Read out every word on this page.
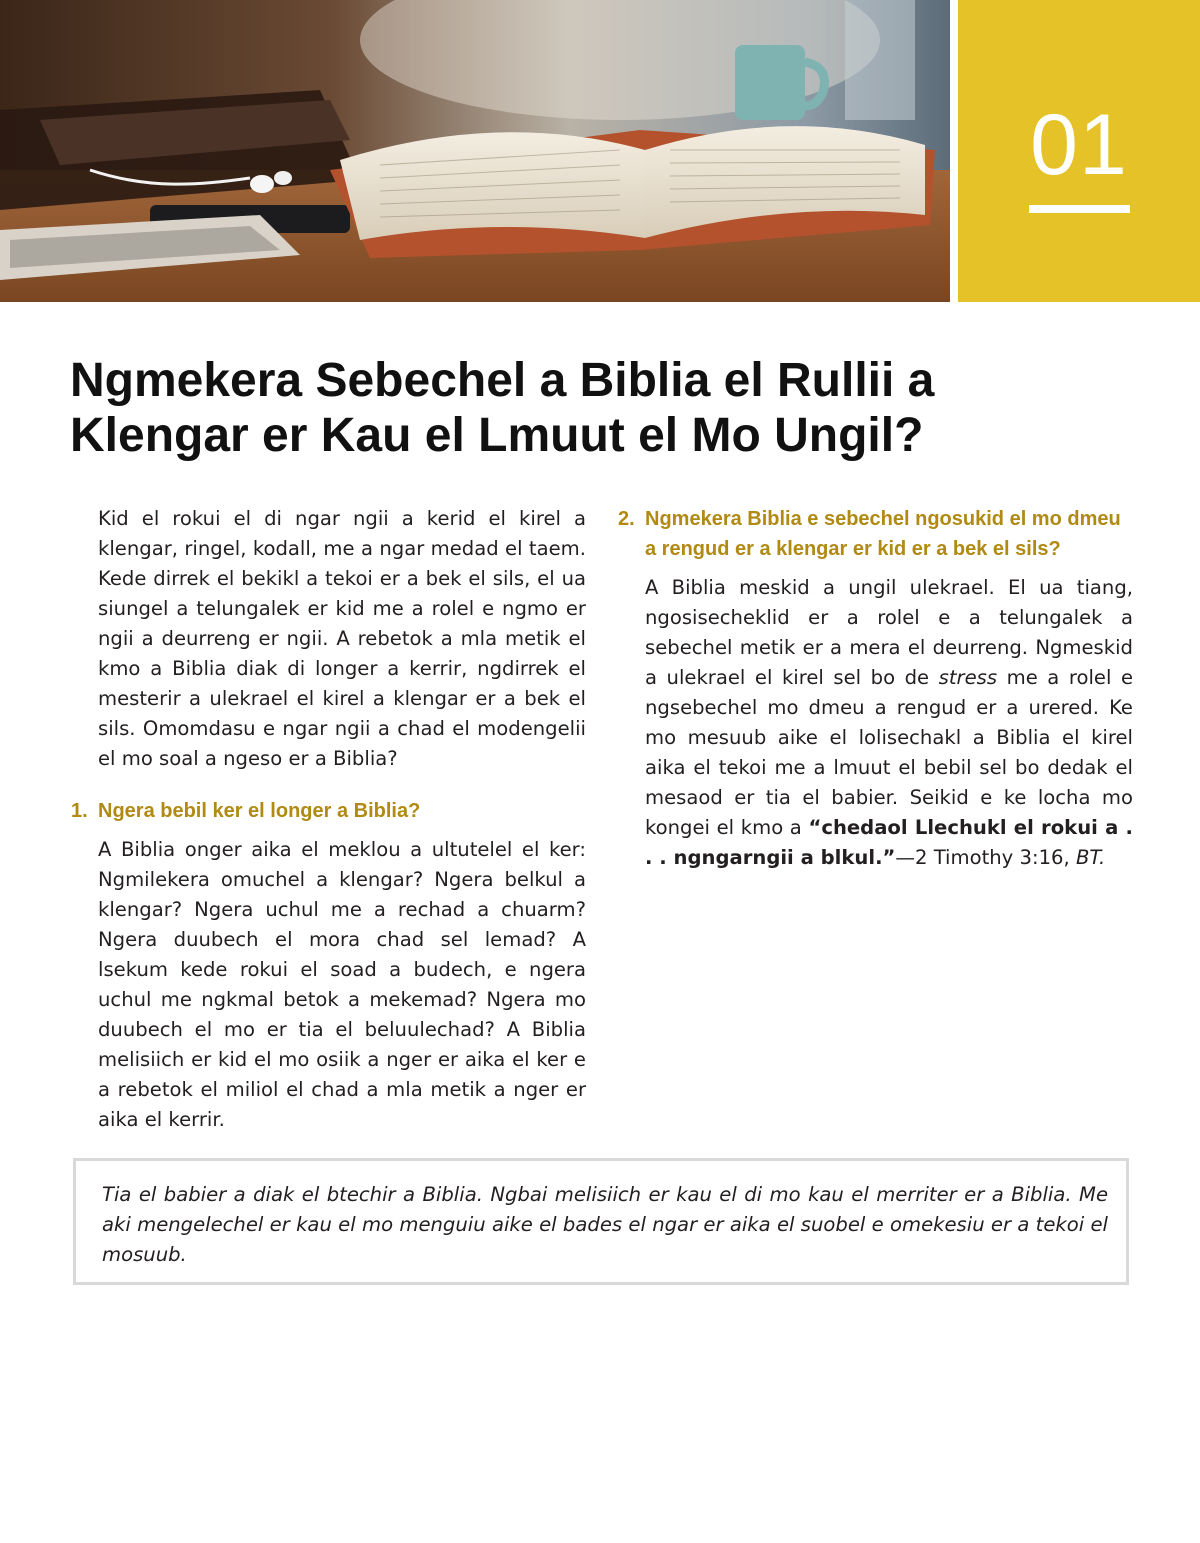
01
Ngmekera Sebechel a Biblia el Rullii a
Klengar er Kau el Lmuut el Mo Ungil?

Kid el rokui el di ngar ngii a kerid el kirel a klengar, ringel, kodall, me a ngar medad el taem. Kede dirrek el bekikl a tekoi er a bek el sils, el ua siungel a telungalek er kid me a rolel e ngmo er ngii a deurreng er ngii. A rebetok a mla metik el kmo a Biblia diak di longer a kerrir, ngdirrek el mesterir a ulekrael el kirel a klengar er a bek el sils. Omomdasu e ngar ngii a chad el modengelii el mo soal a ngeso er a Biblia?

1. Ngera bebil ker el longer a Biblia?

A Biblia onger aika el meklou a ultutelel el ker: Ngmilekera omuchel a klengar? Ngera belkul a klengar? Ngera uchul me a rechad a chuarm? Ngera duubech el mora chad sel lemad? A lsekum kede rokui el soad a budech, e ngera uchul me ngkmal betok a mekemad? Ngera mo duubech el mo er tia el beluulechad? A Biblia melisiich er kid el mo osiik a nger er aika el ker e a rebetok el miliol el chad a mla metik a nger er aika el kerrir.

2. Ngmekera Biblia e sebechel ngosukid el mo dmeu a rengud er a klengar er kid er a bek el sils?

A Biblia meskid a ungil ulekrael. El ua tiang, ngosisecheklid er a rolel e a telungalek a sebechel metik er a mera el deurreng. Ngmeskid a ulekrael el kirel sel bo de stress me a rolel e ngsebechel mo dmeu a rengud er a urered. Ke mo mesuub aike el lolisechakl a Biblia el kirel aika el tekoi me a lmuut el bebil sel bo dedak el mesaod er tia el babier. Seikid e ke locha mo kongei el kmo a “chedaol Llechukl el rokui a . . . ngngarngii a blkul.”—2 Timothy 3:16, BT.

Tia el babier a diak el btechir a Biblia. Ngbai melisiich er kau el di mo kau el merriter er a Biblia. Me aki mengelechel er kau el mo menguiu aike el bades el ngar er aika el suobel e omekesiu er a tekoi el mosuub.
